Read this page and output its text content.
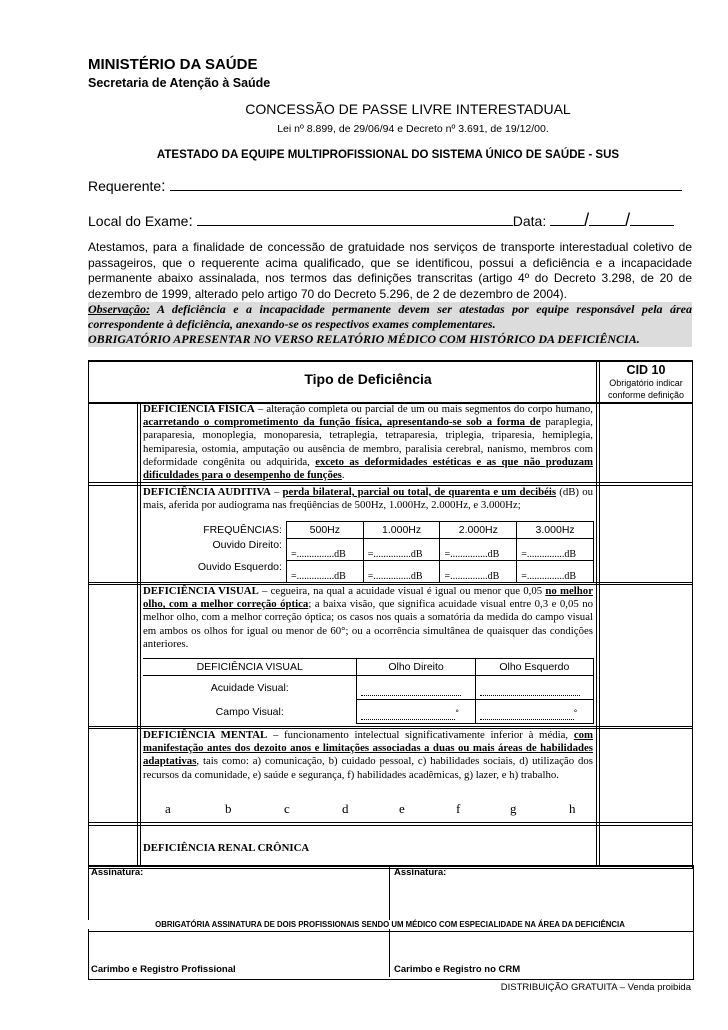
MINISTÉRIO DA SAÚDE
Secretaria de Atenção à Saúde
CONCESSÃO DE PASSE LIVRE INTERESTADUAL
Lei nº 8.899, de 29/06/94 e Decreto nº 3.691, de 19/12/00.
ATESTADO DA EQUIPE MULTIPROFISSIONAL DO SISTEMA ÚNICO DE SAÚDE - SUS
Requerente:
Local do Exame:	Data: / /
Atestamos, para a finalidade de concessão de gratuidade nos serviços de transporte interestadual coletivo de passageiros, que o requerente acima qualificado, que se identificou, possui a deficiência e a incapacidade permanente abaixo assinalada, nos termos das definições transcritas (artigo 4º do Decreto 3.298, de 20 de dezembro de 1999, alterado pelo artigo 70 do Decreto 5.296, de 2 de dezembro de 2004).
Observação: A deficiência e a incapacidade permanente devem ser atestadas por equipe responsável pela área correspondente à deficiência, anexando-se os respectivos exames complementares.
OBRIGATÓRIO APRESENTAR NO VERSO RELATÓRIO MÉDICO COM HISTÓRICO DA DEFICIÊNCIA.
Tipo de Deficiência
CID 10
Obrigatório indicar
conforme definição
DEFICIÊNCIA FÍSICA – alteração completa ou parcial de um ou mais segmentos do corpo humano, acarretando o comprometimento da função física, apresentando-se sob a forma de paraplegia, paraparesia, monoplegia, monoparesia, tetraplegia, tetraparesia, triplegia, triparesia, hemiplegia, hemiparesia, ostomia, amputação ou ausência de membro, paralisia cerebral, nanismo, membros com deformidade congênita ou adquirida, exceto as deformidades estéticas e as que não produzam dificuldades para o desempenho de funções.
DEFICIÊNCIA AUDITIVA – perda bilateral, parcial ou total, de quarenta e um decibéis (dB) ou mais, aferida por audiograma nas freqüências de 500Hz, 1.000Hz, 2.000Hz, e 3.000Hz;
FREQUÊNCIAS:	500Hz	1.000Hz	2.000Hz	3.000Hz
Ouvido Direito:	=...............dB	=...............dB	=...............dB	=...............dB
Ouvido Esquerdo:	=...............dB	=...............dB	=...............dB	=...............dB
DEFICIÊNCIA VISUAL – cegueira, na qual a acuidade visual é igual ou menor que 0,05 no melhor olho, com a melhor correção óptica; a baixa visão, que significa acuidade visual entre 0,3 e 0,05 no melhor olho, com a melhor correção óptica; os casos nos quais a somatória da medida do campo visual em ambos os olhos for igual ou menor de 60°; ou a ocorrência simultânea de quaisquer das condições anteriores.
DEFICIÊNCIA VISUAL	Olho Direito	Olho Esquerdo
Acuidade Visual:		
Campo Visual:	°	°
DEFICIÊNCIA MENTAL – funcionamento intelectual significativamente inferior à média, com manifestação antes dos dezoito anos e limitações associadas a duas ou mais áreas de habilidades adaptativas, tais como: a) comunicação, b) cuidado pessoal, c) habilidades sociais, d) utilização dos recursos da comunidade, e) saúde e segurança, f) habilidades acadêmicas, g) lazer, e h) trabalho.
a	b	c	d	e	f	g	h
DEFICIÊNCIA RENAL CRÔNICA
Assinatura:	Assinatura:
OBRIGATÓRIA ASSINATURA DE DOIS PROFISSIONAIS SENDO UM MÉDICO COM ESPECIALIDADE NA ÁREA DA DEFICIÊNCIA
Carimbo e Registro Profissional	Carimbo e Registro no CRM
DISTRIBUIÇÃO GRATUITA – Venda proibida
